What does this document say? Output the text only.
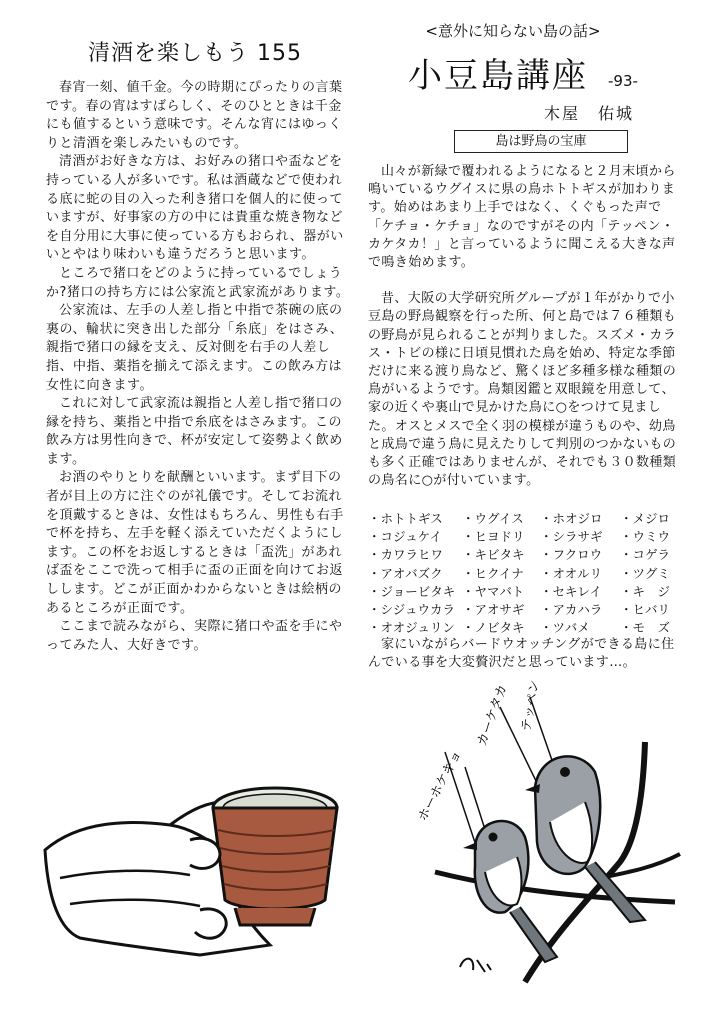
清酒を楽しもう 155

春宵一刻、値千金。今の時期にぴったりの言葉です。春の宵はすばらしく、そのひとときは千金にも値するという意味です。そんな宵にはゆっくりと清酒を楽しみたいものです。

清酒がお好きな方は、お好みの猪口や盃などを持っている人が多いです。私は酒蔵などで使われる底に蛇の目の入った利き猪口を個人的に使っていますが、好事家の方の中には貴重な焼き物などを自分用に大事に使っている方もおられ、器がいいとやはり味わいも違うだろうと思います。

ところで猪口をどのように持っているでしょうか?猪口の持ち方には公家流と武家流があります。

公家流は、左手の人差し指と中指で茶碗の底の裏の、輪状に突き出した部分「糸底」をはさみ、親指で猪口の縁を支え、反対側を右手の人差し指、中指、薬指を揃えて添えます。この飲み方は女性に向きます。

これに対して武家流は親指と人差し指で猪口の縁を持ち、薬指と中指で糸底をはさみます。この飲み方は男性向きで、杯が安定して姿勢よく飲めます。

お酒のやりとりを献酬といいます。まず目下の者が目上の方に注ぐのが礼儀です。そしてお流れを頂戴するときは、女性はもちろん、男性も右手で杯を持ち、左手を軽く添えていただくようにします。この杯をお返しするときは「盃洗」があれば盃をここで洗って相手に盃の正面を向けてお返しします。どこが正面かわからないときは絵柄のあるところが正面です。

ここまで読みながら、実際に猪口や盃を手にやってみた人、大好きです。

<意外に知らない島の話>
小豆島講座 -93-
木屋　佑城
島は野鳥の宝庫

山々が新緑で覆われるようになると２月末頃から鳴いているウグイスに県の鳥ホトトギスが加わります。始めはあまり上手ではなく、くぐもった声で「ケチョ・ケチョ」なのですがその内「テッペン・カケタカ！」と言っているように聞こえる大きな声で鳴き始めます。

昔、大阪の大学研究所グループが１年がかりで小豆島の野鳥観察を行った所、何と島では７６種類もの野鳥が見られることが判りました。スズメ・カラス・トビの様に日頃見慣れた鳥を始め、特定な季節だけに来る渡り鳥など、驚くほど多種多様な種類の鳥がいるようです。鳥類図鑑と双眼鏡を用意して、家の近くや裏山で見かけた鳥に○をつけて見ました。オスとメスで全く羽の模様が違うものや、幼鳥と成鳥で違う鳥に見えたりして判別のつかないものも多く正確ではありませんが、それでも３０数種類の鳥名に○が付いています。

・ホトトギス	・ウグイス	・ホオジロ	・メジロ
・コジュケイ	・ヒヨドリ	・シラサギ	・ウミウ
・カワラヒワ	・キビタキ	・フクロウ	・コゲラ
・アオバズク	・ヒクイナ	・オオルリ	・ツグミ
・ジョービタキ ・ヤマバト	・セキレイ	・キ　ジ
・シジュウカラ ・アオサギ	・アカハラ	・ヒバリ
・オオジュリン ・ノビタキ	・ツバメ	・モ　ズ

家にいながらバードウオッチングができる島に住んでいる事を大変贅沢だと思っています…。

ホーホケキョ
カーケタカ テッペン
